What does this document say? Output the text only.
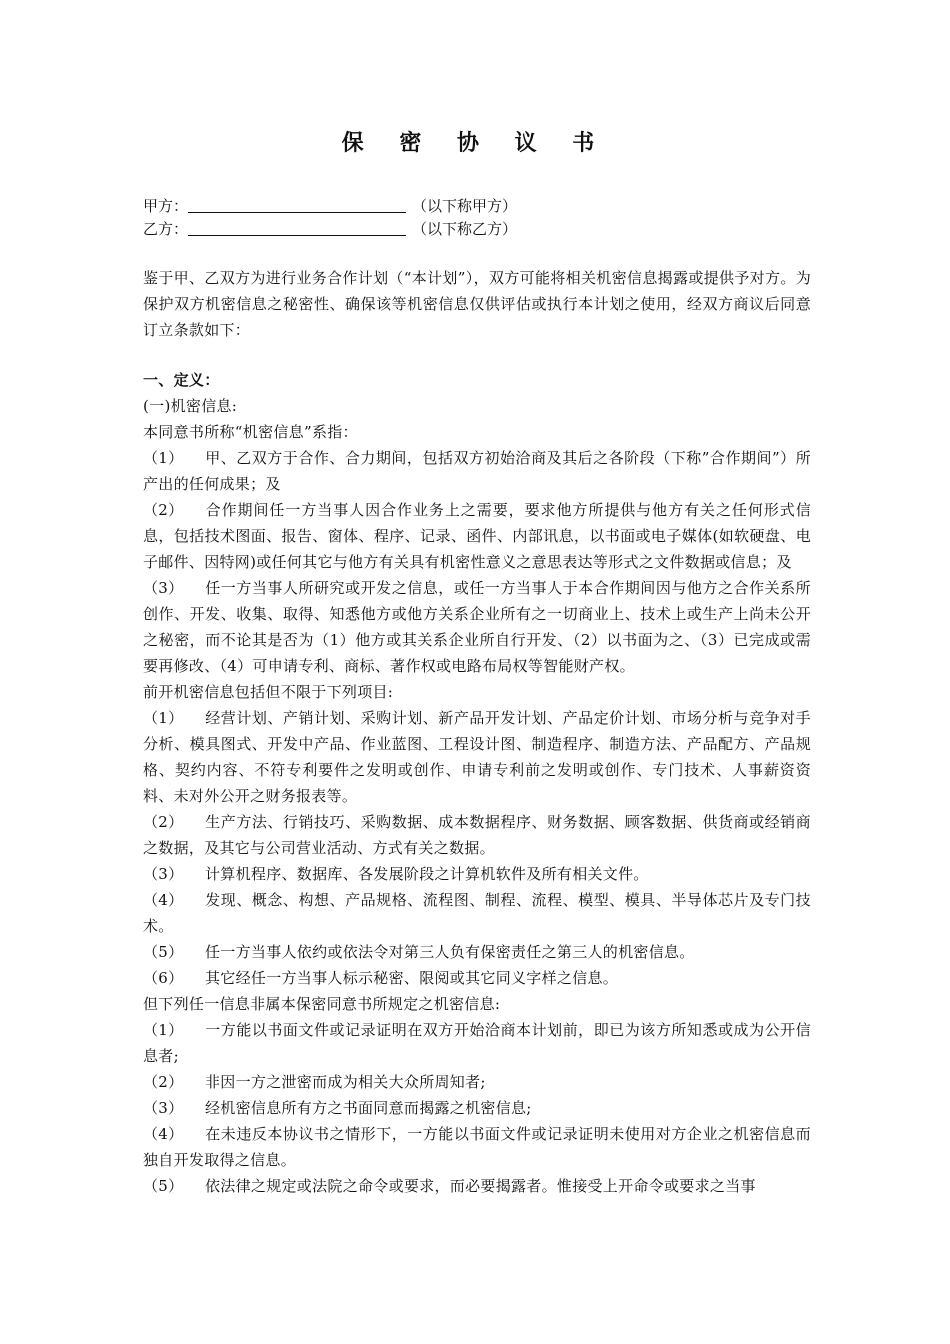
保 密 协 议 书
甲方：	（以下称甲方）
乙方：	（以下称乙方）

鉴于甲、乙双方为进行业务合作计划（“本计划”），双方可能将相关机密信息揭露或提供予对方。为保护双方机密信息之秘密性、确保该等机密信息仅供评估或执行本计划之使用，经双方商议后同意订立条款如下：

一、定义：

(一)机密信息:

本同意书所称“机密信息”系指：

（1） 甲、乙双方于合作、合力期间，包括双方初始洽商及其后之各阶段（下称”合作期间”）所产出的任何成果；及

（2） 合作期间任一方当事人因合作业务上之需要，要求他方所提供与他方有关之任何形式信息，包括技术图面、报告、窗体、程序、记录、函件、内部讯息，以书面或电子媒体(如软硬盘、电子邮件、因特网)或任何其它与他方有关具有机密性意义之意思表达等形式之文件数据或信息；及

（3） 任一方当事人所研究或开发之信息，或任一方当事人于本合作期间因与他方之合作关系所创作、开发、收集、取得、知悉他方或他方关系企业所有之一切商业上、技术上或生产上尚未公开之秘密，而不论其是否为（1）他方或其关系企业所自行开发、（2）以书面为之、（3）已完成或需要再修改、（4）可申请专利、商标、著作权或电路布局权等智能财产权。

前开机密信息包括但不限于下列项目:

（1） 经营计划、产销计划、采购计划、新产品开发计划、产品定价计划、市场分析与竞争对手分析、模具图式、开发中产品、作业蓝图、工程设计图、制造程序、制造方法、产品配方、产品规格、契约内容、不符专利要件之发明或创作、申请专利前之发明或创作、专门技术、人事薪资资料、未对外公开之财务报表等。

（2） 生产方法、行销技巧、采购数据、成本数据程序、财务数据、顾客数据、供货商或经销商之数据，及其它与公司营业活动、方式有关之数据。

（3） 计算机程序、数据库、各发展阶段之计算机软件及所有相关文件。

（4） 发现、概念、构想、产品规格、流程图、制程、流程、模型、模具、半导体芯片及专门技术。

（5） 任一方当事人依约或依法令对第三人负有保密责任之第三人的机密信息。

（6） 其它经任一方当事人标示秘密、限阅或其它同义字样之信息。

但下列任一信息非属本保密同意书所规定之机密信息:

（1） 一方能以书面文件或记录证明在双方开始洽商本计划前，即已为该方所知悉或成为公开信息者;

（2） 非因一方之泄密而成为相关大众所周知者;

（3） 经机密信息所有方之书面同意而揭露之机密信息;

（4） 在未违反本协议书之情形下，一方能以书面文件或记录证明未使用对方企业之机密信息而独自开发取得之信息。

（5） 依法律之规定或法院之命令或要求，而必要揭露者。惟接受上开命令或要求之当事
